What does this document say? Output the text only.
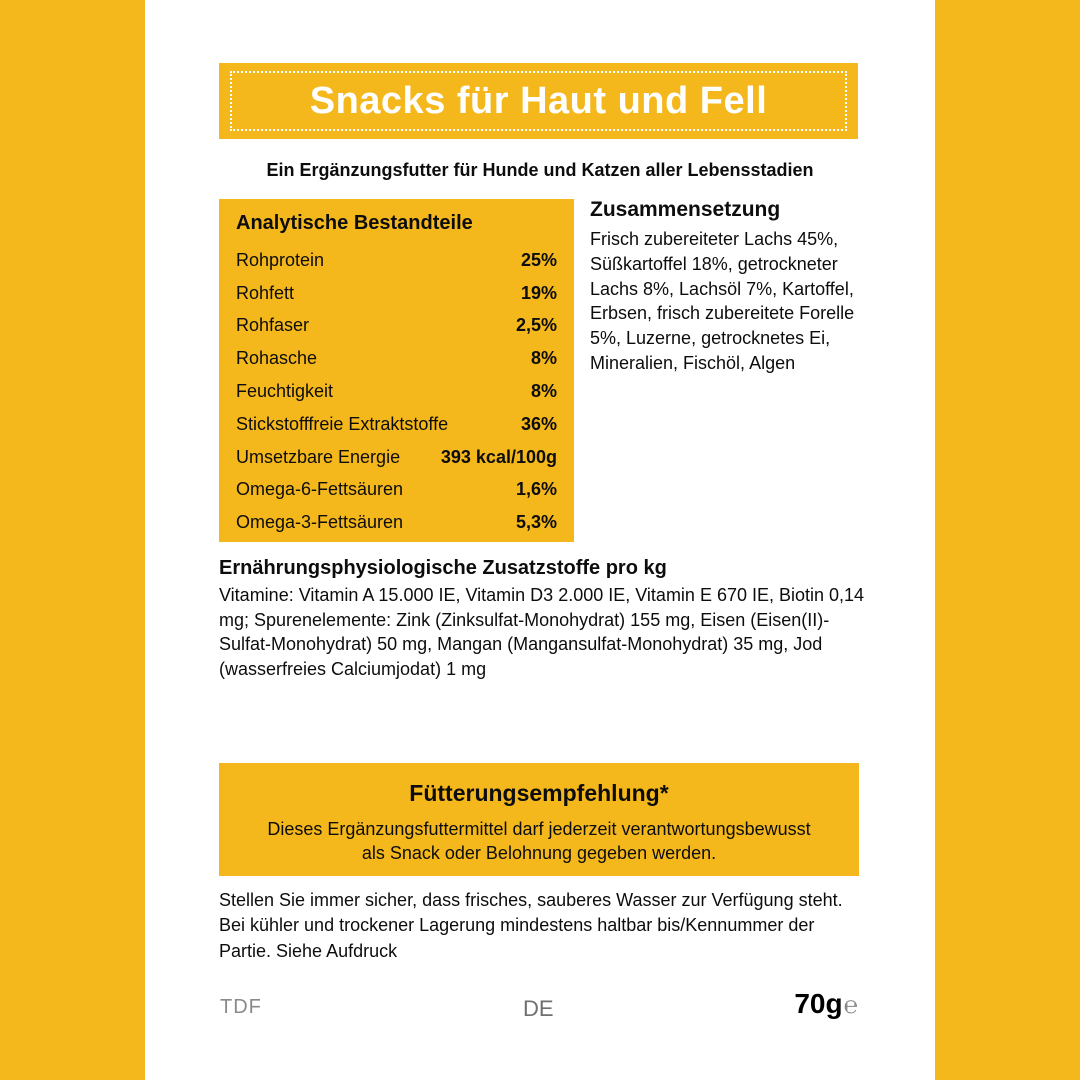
Snacks für Haut und Fell
Ein Ergänzungsfutter für Hunde und Katzen aller Lebensstadien
Analytische Bestandteile
Rohprotein	25%
Rohfett	19%
Rohfaser	2,5%
Rohasche	8%
Feuchtigkeit	8%
Stickstofffreie Extraktstoffe	36%
Umsetzbare Energie 393 kcal/100g
Omega-6-Fettsäuren	1,6%
Omega-3-Fettsäuren	5,3%
Zusammensetzung
Frisch zubereiteter Lachs 45%, Süßkartoffel 18%, getrockneter Lachs 8%, Lachsöl 7%, Kartoffel, Erbsen, frisch zubereitete Forelle 5%, Luzerne, getrocknetes Ei, Mineralien, Fischöl, Algen
Ernährungsphysiologische Zusatzstoffe pro kg
Vitamine: Vitamin A 15.000 IE, Vitamin D3 2.000 IE, Vitamin E 670 IE, Biotin 0,14 mg; Spurenelemente: Zink (Zinksulfat-Monohydrat) 155 mg, Eisen (Eisen(II)-Sulfat-Monohydrat) 50 mg, Mangan (Mangansulfat-Monohydrat) 35 mg, Jod (wasserfreies Calciumjodat) 1 mg
Fütterungsempfehlung*
Dieses Ergänzungsfuttermittel darf jederzeit verantwortungsbewusst als Snack oder Belohnung gegeben werden.
Stellen Sie immer sicher, dass frisches, sauberes Wasser zur Verfügung steht. Bei kühler und trockener Lagerung mindestens haltbar bis/Kennummer der Partie. Siehe Aufdruck
TDF	DE	70g ℮
